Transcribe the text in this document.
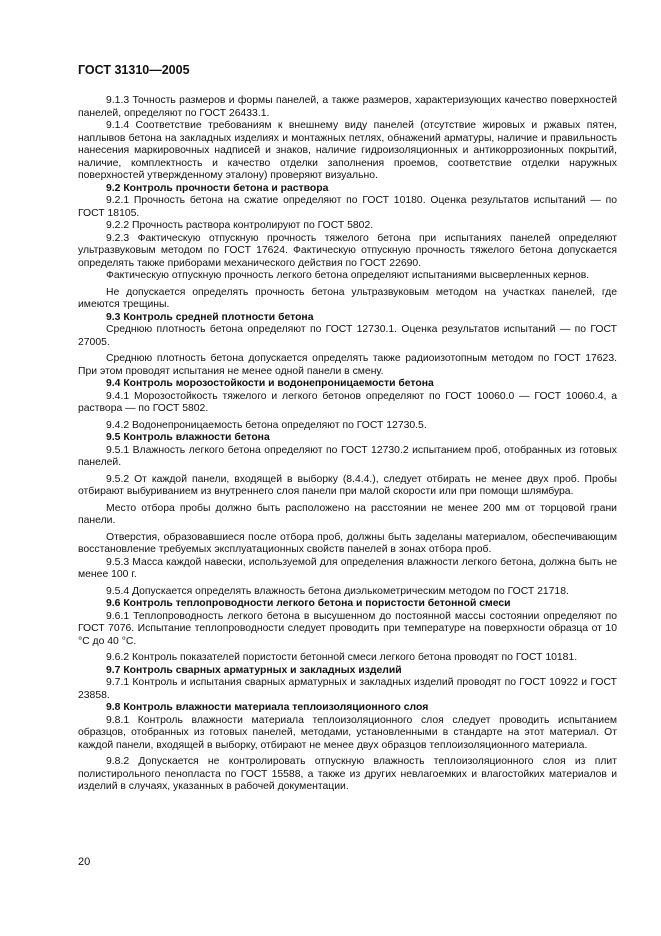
ГОСТ 31310—2005

9.1.3 Точность размеров и формы панелей, а также размеров, характеризующих качество поверхностей панелей, определяют по ГОСТ 26433.1.

9.1.4 Соответствие требованиям к внешнему виду панелей (отсутствие жировых и ржавых пятен, наплывов бетона на закладных изделиях и монтажных петлях, обнажений арматуры, наличие и правильность нанесения маркировочных надписей и знаков, наличие гидроизоляционных и антикоррозионных покрытий, наличие, комплектность и качество отделки заполнения проемов, соответствие отделки наружных поверхностей утвержденному эталону) проверяют визуально.

9.2 Контроль прочности бетона и раствора

9.2.1 Прочность бетона на сжатие определяют по ГОСТ 10180. Оценка результатов испытаний — по ГОСТ 18105.

9.2.2 Прочность раствора контролируют по ГОСТ 5802.

9.2.3 Фактическую отпускную прочность тяжелого бетона при испытаниях панелей определяют ультразвуковым методом по ГОСТ 17624. Фактическую отпускную прочность тяжелого бетона допускается определять также приборами механического действия по ГОСТ 22690.

Фактическую отпускную прочность легкого бетона определяют испытаниями высверленных кернов.

Не допускается определять прочность бетона ультразвуковым методом на участках панелей, где имеются трещины.

9.3 Контроль средней плотности бетона

Среднюю плотность бетона определяют по ГОСТ 12730.1. Оценка результатов испытаний — по ГОСТ 27005.

Среднюю плотность бетона допускается определять также радиоизотопным методом по ГОСТ 17623. При этом проводят испытания не менее одной панели в смену.

9.4 Контроль морозостойкости и водонепроницаемости бетона

9.4.1 Морозостойкость тяжелого и легкого бетонов определяют по ГОСТ 10060.0 — ГОСТ 10060.4, а раствора — по ГОСТ 5802.

9.4.2 Водонепроницаемость бетона определяют по ГОСТ 12730.5.

9.5 Контроль влажности бетона

9.5.1 Влажность легкого бетона определяют по ГОСТ 12730.2 испытанием проб, отобранных из готовых панелей.

9.5.2 От каждой панели, входящей в выборку (8.4.4.), следует отбирать не менее двух проб. Пробы отбирают выбуриванием из внутреннего слоя панели при малой скорости или при помощи шлямбура.

Место отбора пробы должно быть расположено на расстоянии не менее 200 мм от торцовой грани панели.

Отверстия, образовавшиеся после отбора проб, должны быть заделаны материалом, обеспечивающим восстановление требуемых эксплуатационных свойств панелей в зонах отбора проб.

9.5.3 Масса каждой навески, используемой для определения влажности легкого бетона, должна быть не менее 100 г.

9.5.4 Допускается определять влажность бетона диэлькометрическим методом по ГОСТ 21718.

9.6 Контроль теплопроводности легкого бетона и пористости бетонной смеси

9.6.1 Теплопроводность легкого бетона в высушенном до постоянной массы состоянии определяют по ГОСТ 7076. Испытание теплопроводности следует проводить при температуре на поверхности образца от 10 °С до 40 °С.

9.6.2 Контроль показателей пористости бетонной смеси легкого бетона проводят по ГОСТ 10181.

9.7 Контроль сварных арматурных и закладных изделий

9.7.1 Контроль и испытания сварных арматурных и закладных изделий проводят по ГОСТ 10922 и ГОСТ 23858.

9.8 Контроль влажности материала теплоизоляционного слоя

9.8.1 Контроль влажности материала теплоизоляционного слоя следует проводить испытанием образцов, отобранных из готовых панелей, методами, установленными в стандарте на этот материал. От каждой панели, входящей в выборку, отбирают не менее двух образцов теплоизоляционного материала.

9.8.2 Допускается не контролировать отпускную влажность теплоизоляционного слоя из плит полистирольного пенопласта по ГОСТ 15588, а также из других невлагоемких и влагостойких материалов и изделий в случаях, указанных в рабочей документации.

20
